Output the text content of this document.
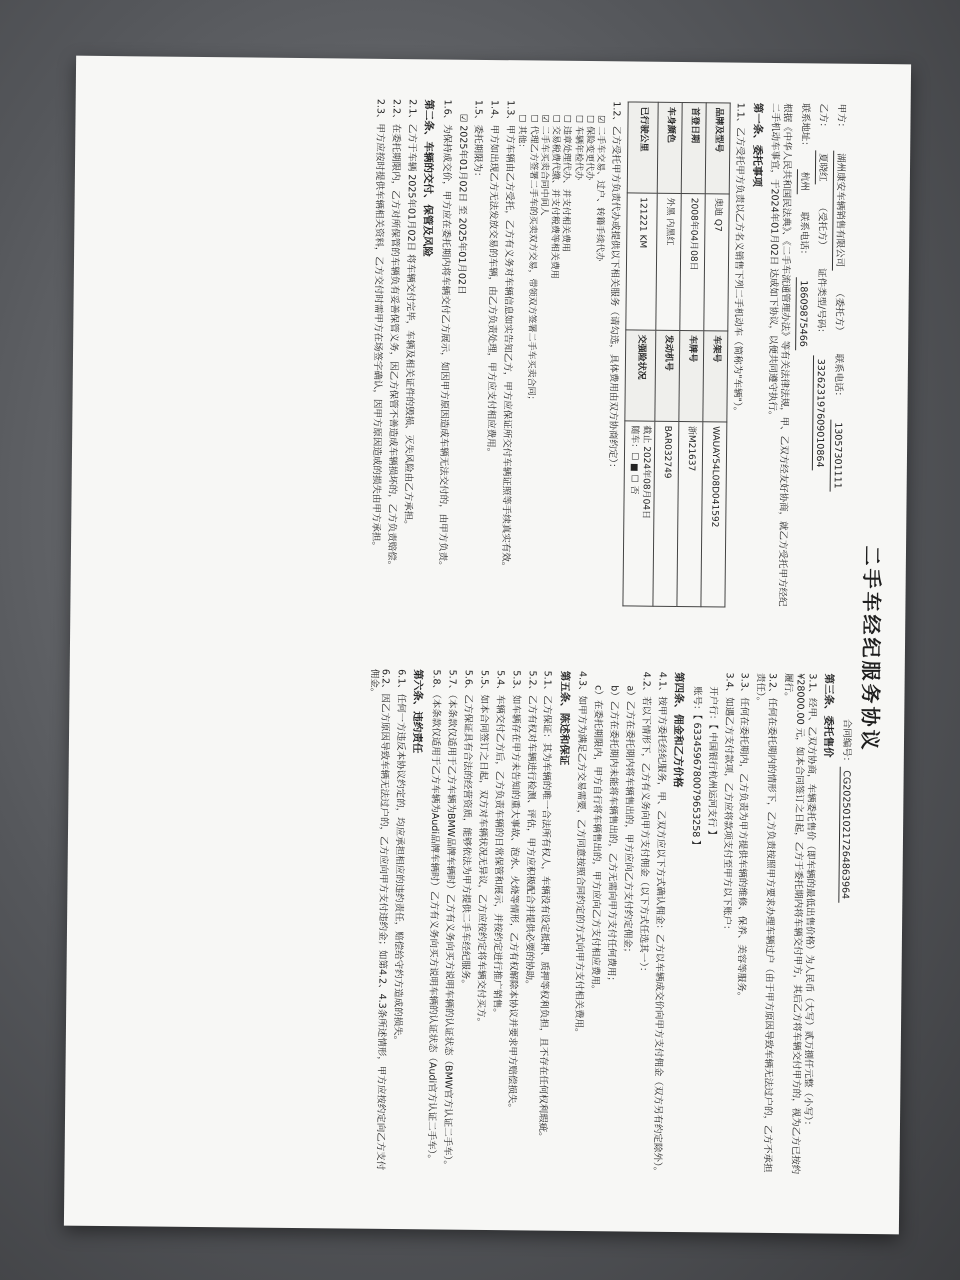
二手车经纪服务协议
合同编号：CG2025010217264863964
甲方：
湖州康安车辆销售有限公司
（委托方）
联系电话：
13057301111
乙方：
夏晓红
（受托方）
证件类型/号码：
332623197609010864
联系地址：
杭州
联系电话：
18609875466

根据《中华人民共和国民法典》、《二手车流通管理办法》等有关法律法规，甲、乙双方经友好协商，就乙方受托甲方经纪二手机动车事宜，于2024年01月02日 达成如下协议，以便共同遵守执行。

第一条、委托事项

1.1、乙方受托甲方负责以乙方名义销售下列二手机动车（简称为"车辆"）。

品牌及型号	奥迪 Q7	车架号	WAUAY54L08D041592
首登日期	2008年04月08日	车牌号	浙M21637
车身颜色	外黑 内黑红	发动机号	BAR032749
已行驶公里	121221 KM	交强险状况	截止 2024年08月04日
随车：☐ ■ ☐ 否

1.2、乙方受托甲方负责代办或提供以下相关服务（请勾选，具体费用由双方协商约定）：

☑ 二手车交易、过户、转籍手续代办
☐ 保险变更代办
☐ 车辆年检代办
☐ 违章处理代办、并支付相关费用
☐ 交易税费代缴、并支付税费等相关费用
☑ 二手车买卖合同中间人
☐ 代理乙方签署二手车的买卖双方交易，带领双方签署二手车买卖合同；
☐ 其他：

1.3、甲方车辆由乙方受托，乙方有义务对车辆信息如实告知乙方，甲方应保证所交付车辆证照等手续真实有效。

1.4、甲方如出现乙方无法发放交易的车辆，由乙方负责处理，甲方应支付相应费用。

1.5、委托期限为：

☑ 2025年01月02日 至 2025年01月02日

1.6、为保持成交价，甲方应在委托期内将车辆交付乙方展示，如因甲方原因造成车辆无法交付的，由甲方负责。

第二条、车辆的交付、保管及风险

2.1、乙方于车辆 2025年01月02日 将车辆交付完毕，车辆及相关证件的毁损、灭失风险由乙方承担。

2.2、在委托期限内，乙方对所保管的车辆负有妥善保管义务，因乙方保管不善造成车辆损坏的，乙方负责赔偿。

2.3、甲方应按时提供车辆相关资料，乙方交付时需甲方在场签字确认，因甲方原因造成的损失由甲方承担。

第三条、委托售价

3.1、经甲、乙双方协商，车辆委托售价（即车辆的最低出售价格）为人民币（大写）贰万捌仟元整（小写）：¥28000.00 元，如本合同签订之日起，乙方于委托期内将车辆交付甲方，其后乙方将车辆交付甲方的，视为乙方已按约履行。

3.2、任何在委托期内的情形下，乙方负责按照甲方要求办理车辆过户（由于甲方原因导致车辆无法过户的，乙方不承担责任）。

3.3、任何在委托期内，乙方负责为甲方提供车辆的维修、保养、美容等服务。

3.4、如遇乙方支付款项，乙方应将款项支付至甲方以下账户：

开户行：【 中国银行杭州运河支行 】

账号：【 6334596780079653258 】

第四条、佣金和乙方价格

4.1、按甲方委托经纪服务，甲、乙双方应以下方式确认佣金：乙方以车辆成交价向甲方支付佣金（双方另有约定除外）。

4.2、若以下情形下，乙方有义务向甲方支付佣金（以下方式任选其一）：

a）乙方在委托期内将车辆售出的，甲方应向乙方支付约定佣金；

b）乙方在委托期内未能将车辆售出的，乙方无需向甲方支付任何费用；

c）在委托期限内，甲方自行将车辆售出的，甲方应向乙方支付相应费用。

4.3、如甲方为满足乙方交易需要，乙方同意按照合同约定的方式向甲方支付相关费用。

第五条、陈述和保证

5.1、乙方保证：其为车辆的唯一合法所有权人，车辆没有设定抵押、质押等权利负担，且不存在任何权利瑕疵。

5.2、乙方有权对车辆进行检测、评估，甲方应积极配合并提供必要的协助。

5.3、如车辆存在甲方未告知的重大事故、泡水、火烧等情形，乙方有权解除本协议并要求甲方赔偿损失。

5.4、车辆交付乙方后，乙方负责车辆的日常保管和展示，并按约定进行推广销售。

5.5、如本合同签订之日起，双方对车辆状况无异议，乙方应按约定将车辆交付买方。

5.6、乙方保证具有合法的经营资质，能够依法为甲方提供二手车经纪服务。

5.7、（本条款仅适用于乙方车辆为BMW品牌车辆时）乙方有义务向买方说明车辆的认证状态（BMW官方认证二手车）。

5.8、（本条款仅适用于乙方车辆为Audi品牌车辆时）乙方有义务向买方说明车辆的认证状态（Audi官方认证二手车）。

第六条、违约责任

6.1、任何一方违反本协议约定的，均应承担相应的违约责任，赔偿给守约方造成的损失。

6.2、因乙方原因导致车辆无法过户的，乙方应向甲方支付违约金；如第4.2、4.3条所述情形，甲方应按约定向乙方支付佣金。
